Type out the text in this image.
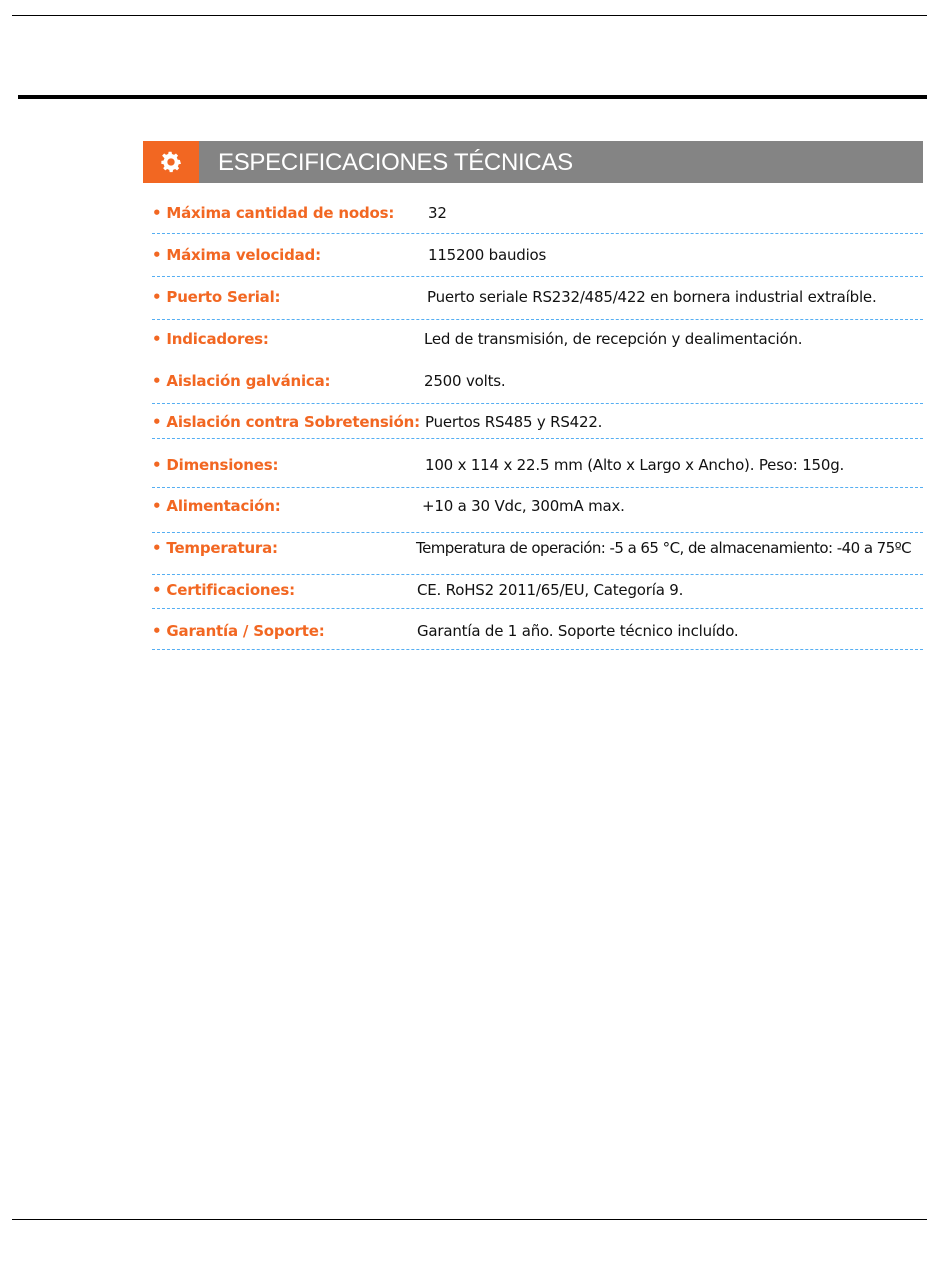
ESPECIFICACIONES TÉCNICAS
• Máxima cantidad de nodos: 32
• Máxima velocidad:	115200 baudios
• Puerto Serial:	Puerto seriale RS232/485/422 en bornera industrial extraíble.
• Indicadores:	Led de transmisión, de recepción y dealimentación.
• Aislación galvánica:	2500 volts.
• Aislación contra Sobretensión: Puertos RS485 y RS422.
• Dimensiones:	100 x 114 x 22.5 mm (Alto x Largo x Ancho). Peso: 150g.
• Alimentación:	+10 a 30 Vdc, 300mA max.
• Temperatura:	Temperatura de operación: -5 a 65 °C, de almacenamiento: -40 a 75ºC
• Certificaciones:	CE. RoHS2 2011/65/EU, Categoría 9.
• Garantía / Soporte:	Garantía de 1 año. Soporte técnico incluído.
